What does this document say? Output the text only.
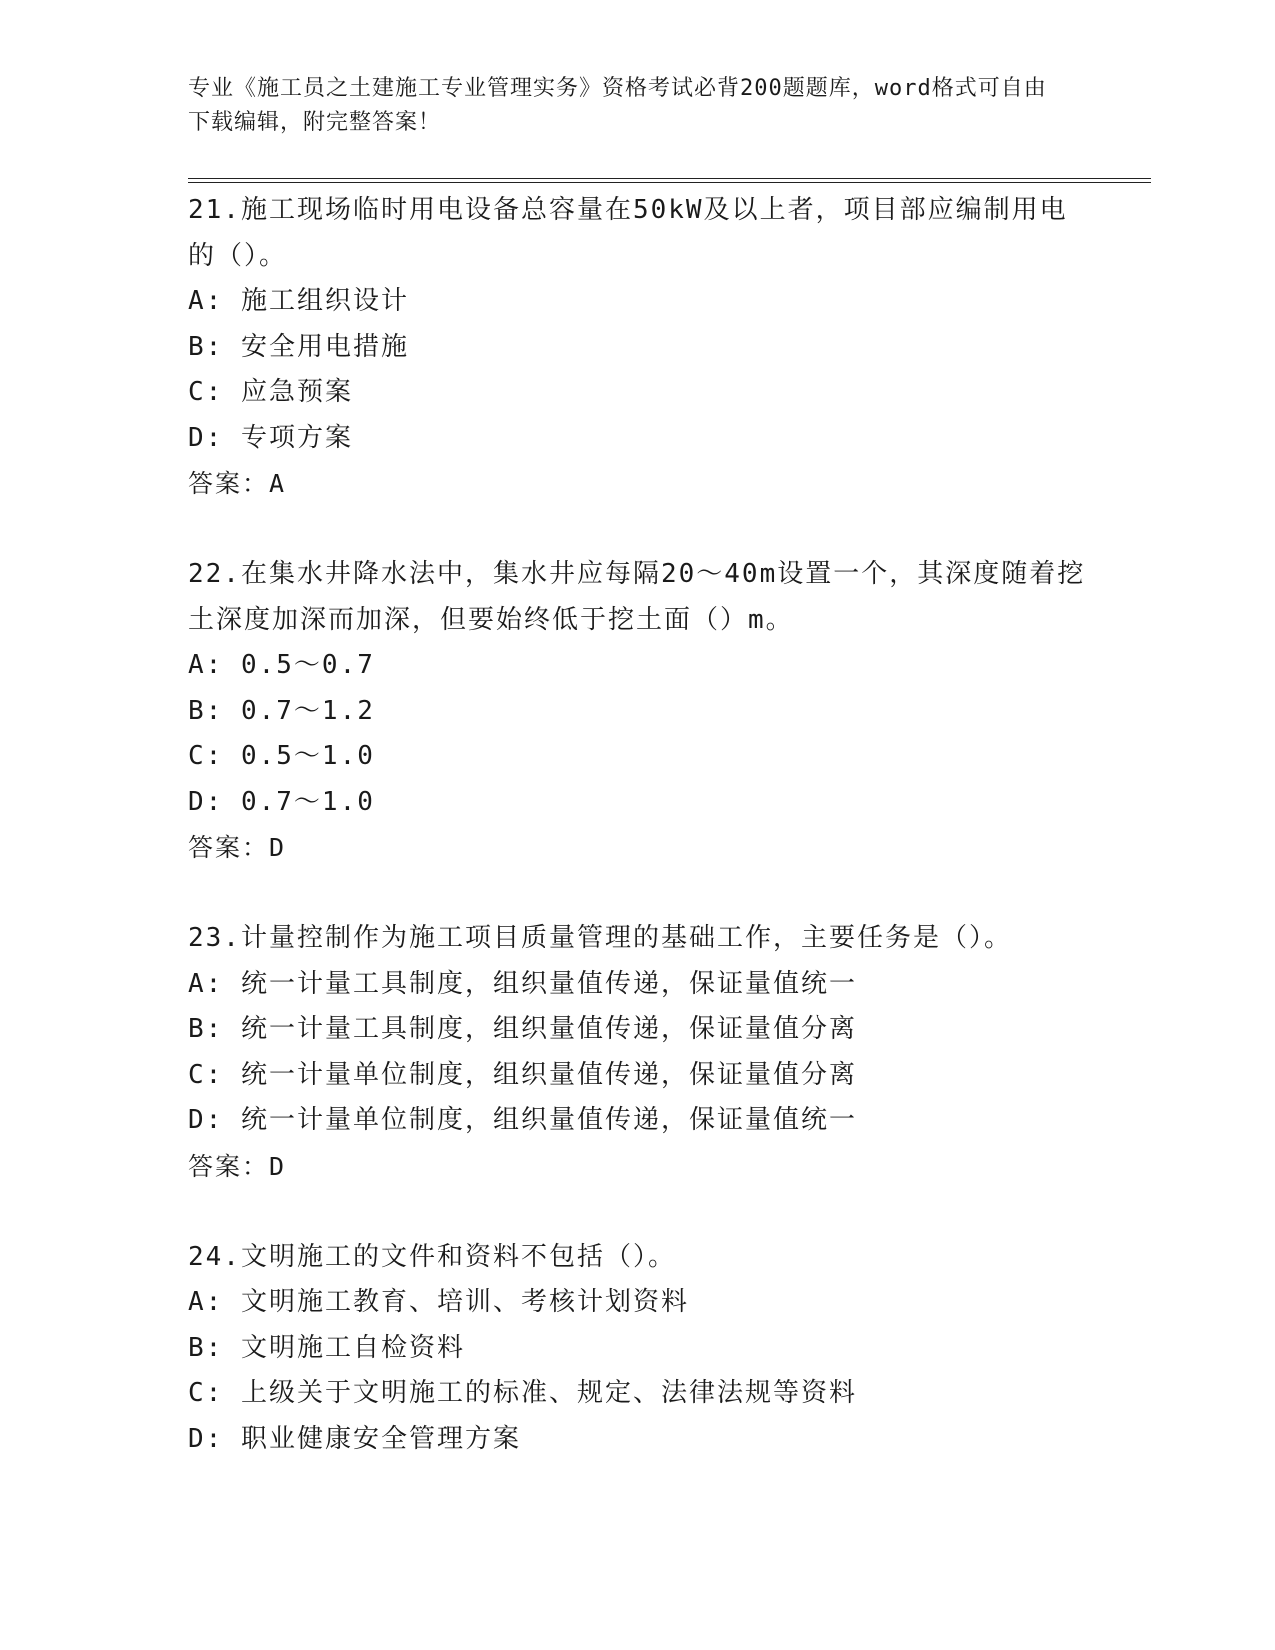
专业《施工员之土建施工专业管理实务》资格考试必背200题题库，word格式可自由下载编辑，附完整答案！
21.施工现场临时用电设备总容量在50kW及以上者，项目部应编制用电的（）。
A: 施工组织设计
B: 安全用电措施
C: 应急预案
D: 专项方案
答案：A
22.在集水井降水法中，集水井应每隔20～40m设置一个，其深度随着挖土深度加深而加深，但要始终低于挖土面（）m。
A: 0.5～0.7
B: 0.7～1.2
C: 0.5～1.0
D: 0.7～1.0
答案：D
23.计量控制作为施工项目质量管理的基础工作，主要任务是（）。
A: 统一计量工具制度，组织量值传递，保证量值统一
B: 统一计量工具制度，组织量值传递，保证量值分离
C: 统一计量单位制度，组织量值传递，保证量值分离
D: 统一计量单位制度，组织量值传递，保证量值统一
答案：D
24.文明施工的文件和资料不包括（）。
A: 文明施工教育、培训、考核计划资料
B: 文明施工自检资料
C: 上级关于文明施工的标准、规定、法律法规等资料
D: 职业健康安全管理方案
